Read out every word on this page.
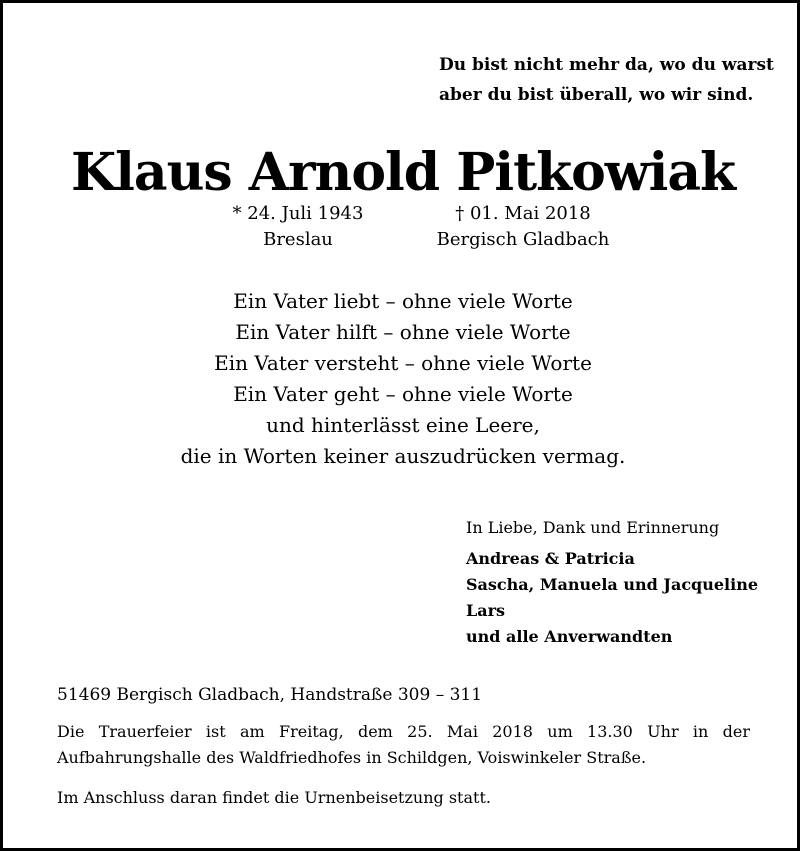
Du bist nicht mehr da, wo du warst
aber du bist überall, wo wir sind.
Klaus Arnold Pitkowiak
* 24. Juli 1943
Breslau
† 01. Mai 2018
Bergisch Gladbach
Ein Vater liebt – ohne viele Worte
Ein Vater hilft – ohne viele Worte
Ein Vater versteht – ohne viele Worte
Ein Vater geht – ohne viele Worte
und hinterlässt eine Leere,
die in Worten keiner auszudrücken vermag.
In Liebe, Dank und Erinnerung
Andreas & Patricia
Sascha, Manuela und Jacqueline
Lars
und alle Anverwandten
51469 Bergisch Gladbach, Handstraße 309 – 311
Die Trauerfeier ist am Freitag, dem 25. Mai 2018 um 13.30 Uhr in der Aufbahrungshalle des Waldfriedhofes in Schildgen, Voiswinkeler Straße.
Im Anschluss daran findet die Urnenbeisetzung statt.
